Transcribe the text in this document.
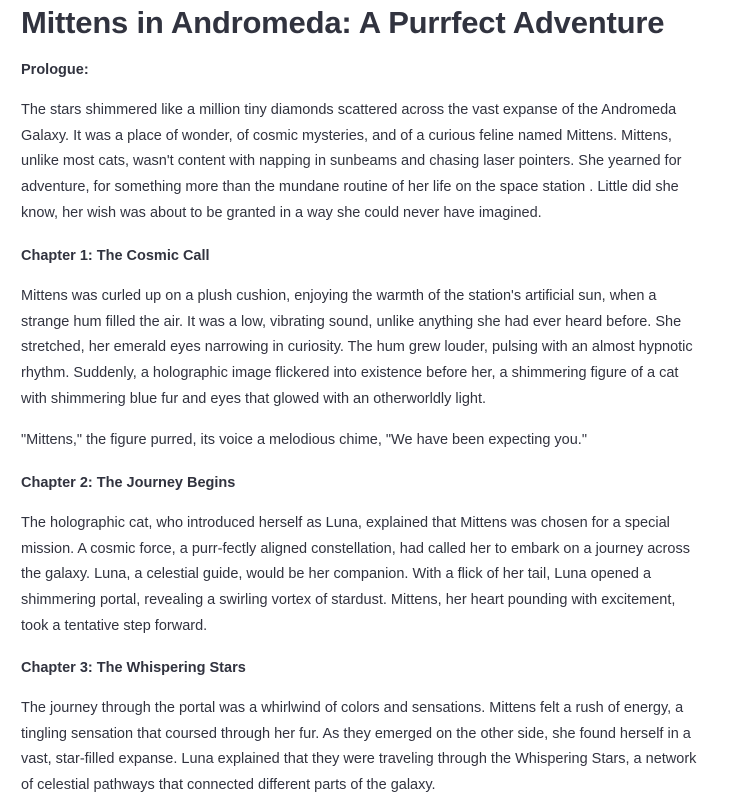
Mittens in Andromeda: A Purrfect Adventure
Prologue:

The stars shimmered like a million tiny diamonds scattered across the vast expanse of the Andromeda
Galaxy. It was a place of wonder, of cosmic mysteries, and of a curious feline named Mittens. Mittens,
unlike most cats, wasn't content with napping in sunbeams and chasing laser pointers. She yearned for
adventure, for something more than the mundane routine of her life on the space station . Little did she
know, her wish was about to be granted in a way she could never have imagined.

Chapter 1: The Cosmic Call

Mittens was curled up on a plush cushion, enjoying the warmth of the station's artificial sun, when a
strange hum filled the air. It was a low, vibrating sound, unlike anything she had ever heard before. She
stretched, her emerald eyes narrowing in curiosity. The hum grew louder, pulsing with an almost hypnotic
rhythm. Suddenly, a holographic image flickered into existence before her, a shimmering figure of a cat
with shimmering blue fur and eyes that glowed with an otherworldly light.

"Mittens," the figure purred, its voice a melodious chime, "We have been expecting you."

Chapter 2: The Journey Begins

The holographic cat, who introduced herself as Luna, explained that Mittens was chosen for a special
mission. A cosmic force, a purr-fectly aligned constellation, had called her to embark on a journey across
the galaxy. Luna, a celestial guide, would be her companion. With a flick of her tail, Luna opened a
shimmering portal, revealing a swirling vortex of stardust. Mittens, her heart pounding with excitement,
took a tentative step forward.

Chapter 3: The Whispering Stars

The journey through the portal was a whirlwind of colors and sensations. Mittens felt a rush of energy, a
tingling sensation that coursed through her fur. As they emerged on the other side, she found herself in a
vast, star-filled expanse. Luna explained that they were traveling through the Whispering Stars, a network
of celestial pathways that connected different parts of the galaxy.
